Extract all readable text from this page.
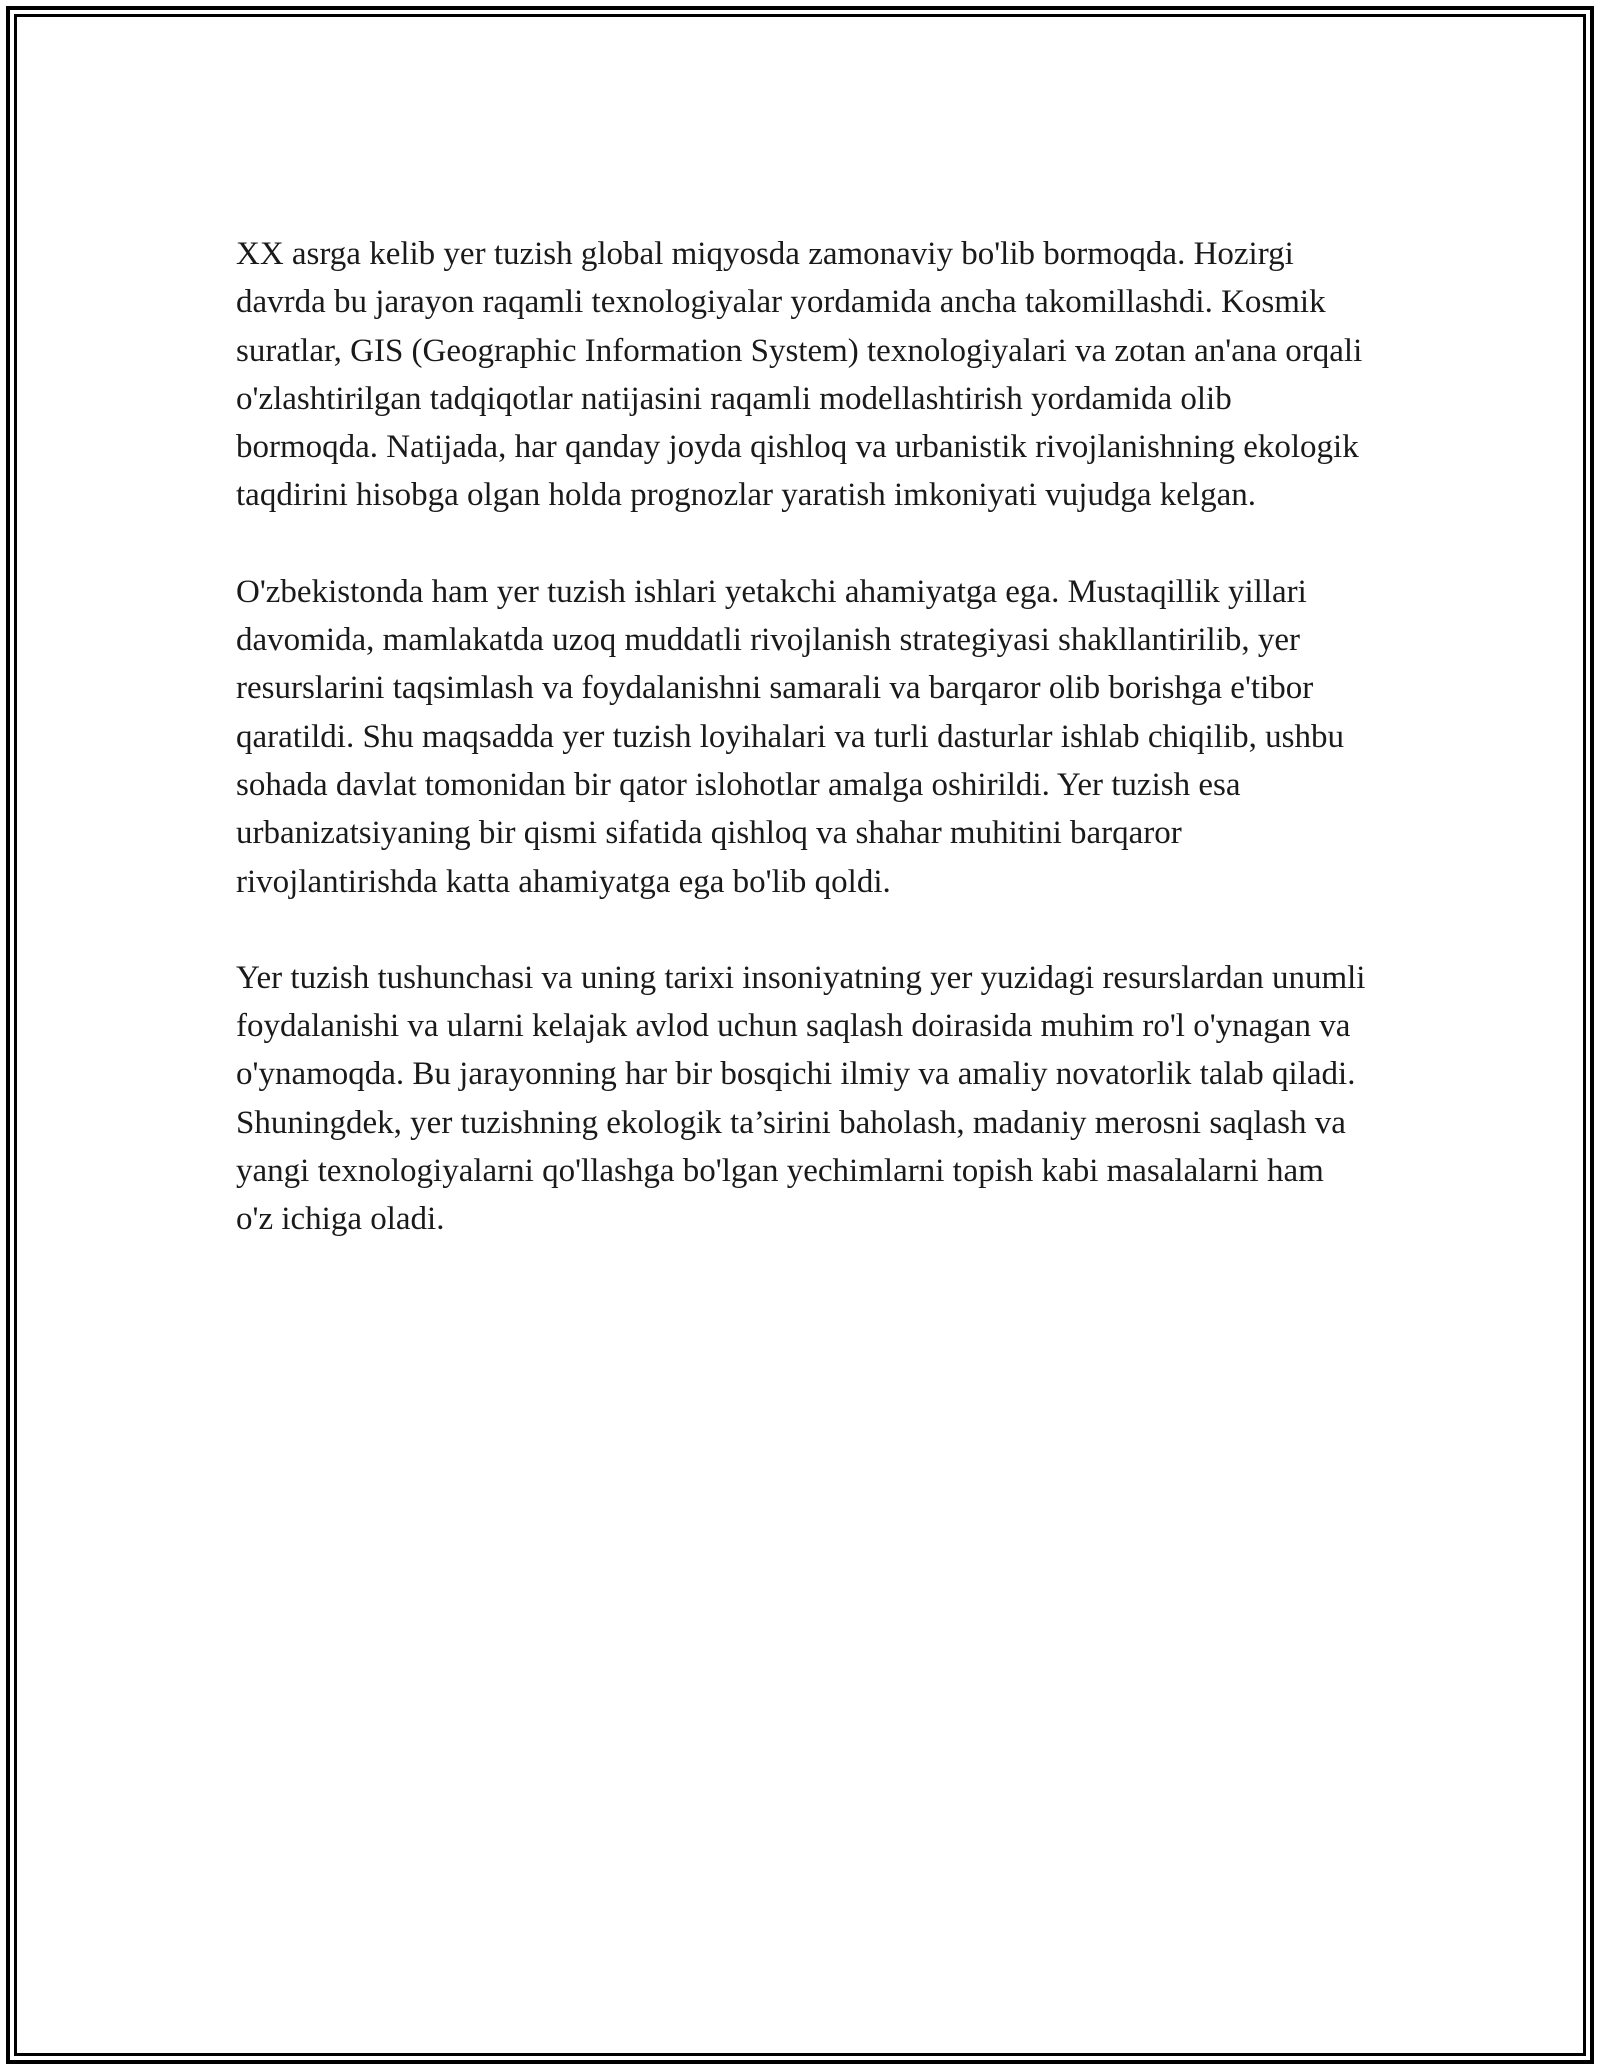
XX asrga kelib yer tuzish global miqyosda zamonaviy bo'lib bormoqda. Hozirgi davrda bu jarayon raqamli texnologiyalar yordamida ancha takomillashdi. Kosmik suratlar, GIS (Geographic Information System) texnologiyalari va zotan an'ana orqali o'zlashtirilgan tadqiqotlar natijasini raqamli modellashtirish yordamida olib bormoqda. Natijada, har qanday joyda qishloq va urbanistik rivojlanishning ekologik taqdirini hisobga olgan holda prognozlar yaratish imkoniyati vujudga kelgan.

O'zbekistonda ham yer tuzish ishlari yetakchi ahamiyatga ega. Mustaqillik yillari davomida, mamlakatda uzoq muddatli rivojlanish strategiyasi shakllantirilib, yer resurslarini taqsimlash va foydalanishni samarali va barqaror olib borishga e'tibor qaratildi. Shu maqsadda yer tuzish loyihalari va turli dasturlar ishlab chiqilib, ushbu sohada davlat tomonidan bir qator islohotlar amalga oshirildi. Yer tuzish esa urbanizatsiyaning bir qismi sifatida qishloq va shahar muhitini barqaror rivojlantirishda katta ahamiyatga ega bo'lib qoldi.

Yer tuzish tushunchasi va uning tarixi insoniyatning yer yuzidagi resurslardan unumli foydalanishi va ularni kelajak avlod uchun saqlash doirasida muhim ro'l o'ynagan va o'ynamoqda. Bu jarayonning har bir bosqichi ilmiy va amaliy novatorlik talab qiladi. Shuningdek, yer tuzishning ekologik ta’sirini baholash, madaniy merosni saqlash va yangi texnologiyalarni qo'llashga bo'lgan yechimlarni topish kabi masalalarni ham o'z ichiga oladi.
